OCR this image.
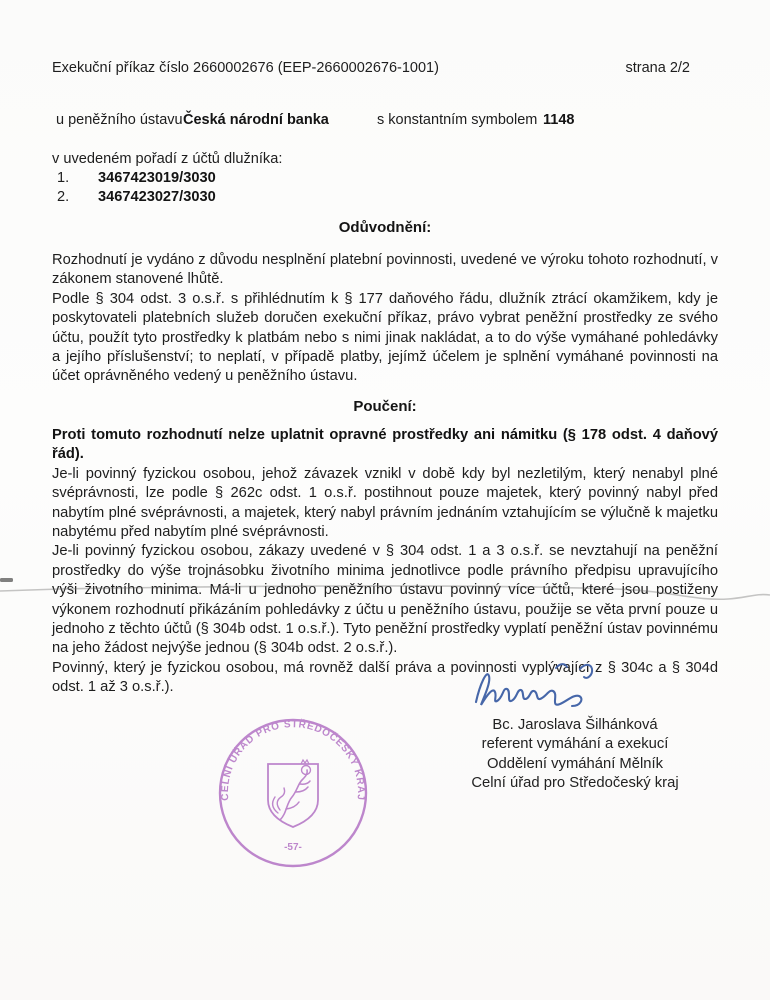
Exekuční příkaz číslo 2660002676 (EEP-2660002676-1001)	strana 2/2
u peněžního ústavu Česká národní banka	s konstantním symbolem 1148
v uvedeném pořadí z účtů dlužníka:
1.	3467423019/3030
2.	3467423027/3030
Odůvodnění:

Rozhodnutí je vydáno z důvodu nesplnění platební povinnosti, uvedené ve výroku tohoto rozhodnutí, v zákonem stanovené lhůtě.

Podle § 304 odst. 3 o.s.ř. s přihlédnutím k § 177 daňového řádu, dlužník ztrácí okamžikem, kdy je poskytovateli platebních služeb doručen exekuční příkaz, právo vybrat peněžní prostředky ze svého účtu, použít tyto prostředky k platbám nebo s nimi jinak nakládat, a to do výše vymáhané pohledávky a jejího příslušenství; to neplatí, v případě platby, jejímž účelem je splnění vymáhané povinnosti na účet oprávněného vedený u peněžního ústavu.

Poučení:

Proti tomuto rozhodnutí nelze uplatnit opravné prostředky ani námitku (§ 178 odst. 4 daňový řád).

Je-li povinný fyzickou osobou, jehož závazek vznikl v době kdy byl nezletilým, který nenabyl plné svéprávnosti, lze podle § 262c odst. 1 o.s.ř. postihnout pouze majetek, který povinný nabyl před nabytím plné svéprávnosti, a majetek, který nabyl právním jednáním vztahujícím se výlučně k majetku nabytému před nabytím plné svéprávnosti.

Je-li povinný fyzickou osobou, zákazy uvedené v § 304 odst. 1 a 3 o.s.ř. se nevztahují na peněžní prostředky do výše trojnásobku životního minima jednotlivce podle právního předpisu upravujícího výši životního minima. Má-li u jednoho peněžního ústavu povinný více účtů, které jsou postiženy výkonem rozhodnutí přikázáním pohledávky z účtu u peněžního ústavu, použije se věta první pouze u jednoho z těchto účtů (§ 304b odst. 1 o.s.ř.). Tyto peněžní prostředky vyplatí peněžní ústav povinnému na jeho žádost nejvýše jednou (§ 304b odst. 2 o.s.ř.).

Povinný, který je fyzickou osobou, má rovněž další práva a povinnosti vyplývající z § 304c a § 304d odst. 1 až 3 o.s.ř.).

Bc. Jaroslava Šilhánková
referent vymáhání a exekucí
Oddělení vymáhání Mělník
Celní úřad pro Středočeský kraj
CELNÍ ÚŘAD PRO STŘEDOČESKÝ KRAJ
-57-
